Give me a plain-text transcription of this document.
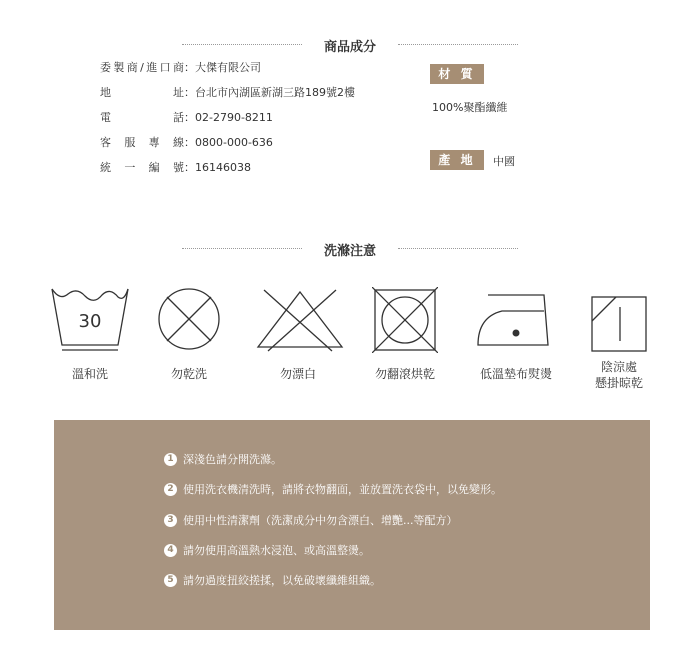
商品成分
委 製 商 / 進 口 商 ： 大傑有限公司
地	址 ： 台北市內湖區新湖三路189號2樓
電	話 ： 02-2790-8211
客 服 專 線 ： 0800-000-636
統 一 編 號 ： 16146038
材 質
100%聚酯纖維
產 地	中國
洗滌注意
30
溫和洗	勿乾洗	勿漂白	勿翻滾烘乾	低溫墊布熨燙	陰涼處
懸掛晾乾
1 深淺色請分開洗滌。
2 使用洗衣機清洗時，請將衣物翻面，並放置洗衣袋中，以免變形。
3 使用中性清潔劑（洗潔成分中勿含漂白、增艷...等配方）
4 請勿使用高溫熱水浸泡、或高溫整燙。
5 請勿過度扭絞搓揉，以免破壞纖維組織。
